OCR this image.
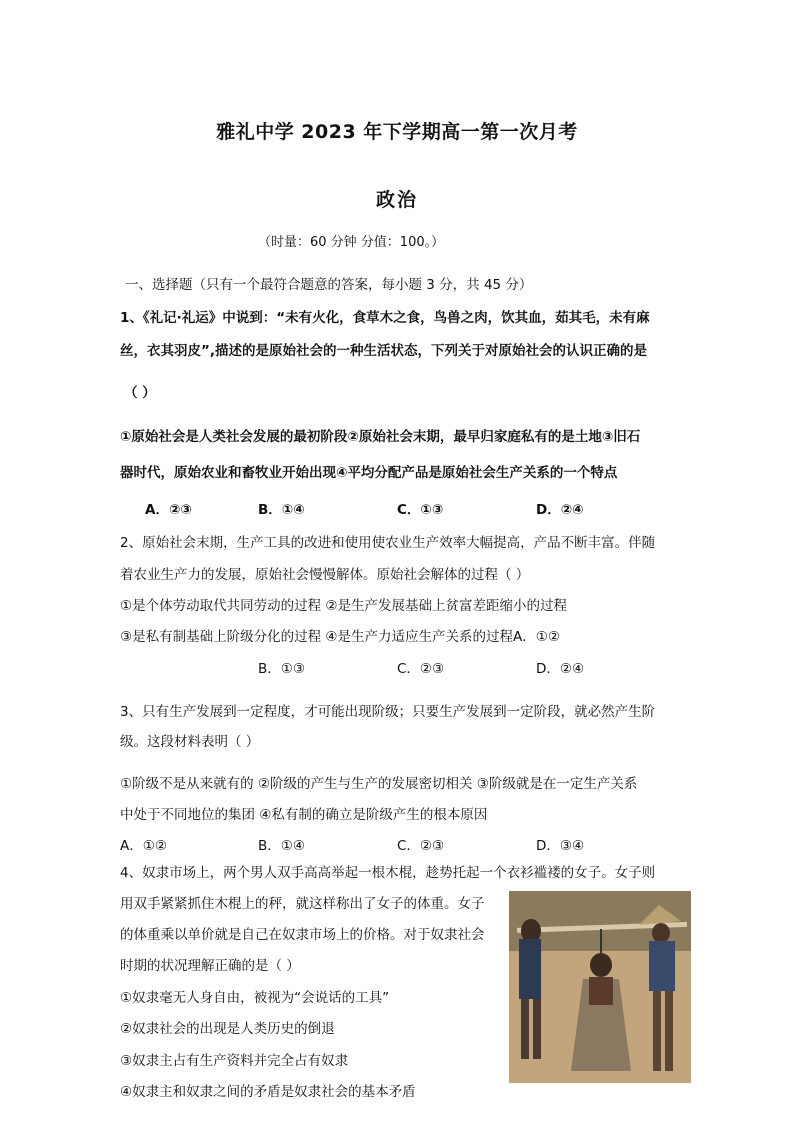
雅礼中学 2023 年下学期高一第一次月考
政治
（时量：60 分钟 分值：100。）
一、选择题（只有一个最符合题意的答案，每小题 3 分，共 45 分）
1、《礼记·礼运》中说到：“未有火化，食草木之食，鸟兽之肉，饮其血，茹其毛，未有麻
丝，衣其羽皮”,描述的是原始社会的一种生活状态，下列关于对原始社会的认识正确的是
（ ）
①原始社会是人类社会发展的最初阶段②原始社会末期，最早归家庭私有的是土地③旧石
器时代，原始农业和畜牧业开始出现④平均分配产品是原始社会生产关系的一个特点
A．②③	B．①④	C．①③	D．②④
2、原始社会末期，生产工具的改进和使用使农业生产效率大幅提高，产品不断丰富。伴随
着农业生产力的发展，原始社会慢慢解体。原始社会解体的过程（ ）
①是个体劳动取代共同劳动的过程 ②是生产发展基础上贫富差距缩小的过程
③是私有制基础上阶级分化的过程 ④是生产力适应生产关系的过程A．①②
B．①③	C．②③	D．②④
3、只有生产发展到一定程度，才可能出现阶级；只要生产发展到一定阶段，就必然产生阶
级。这段材料表明（ ）
①阶级不是从来就有的 ②阶级的产生与生产的发展密切相关 ③阶级就是在一定生产关系
中处于不同地位的集团 ④私有制的确立是阶级产生的根本原因
A．①②	B．①④	C．②③	D．③④
4、奴隶市场上，两个男人双手高高举起一根木棍，趁势托起一个衣衫褴褛的女子。女子则
用双手紧紧抓住木棍上的秤，就这样称出了女子的体重。女子
的体重乘以单价就是自己在奴隶市场上的价格。对于奴隶社会
时期的状况理解正确的是（ ）
①奴隶毫无人身自由，被视为“会说话的工具”
②奴隶社会的出现是人类历史的倒退
③奴隶主占有生产资料并完全占有奴隶
④奴隶主和奴隶之间的矛盾是奴隶社会的基本矛盾
